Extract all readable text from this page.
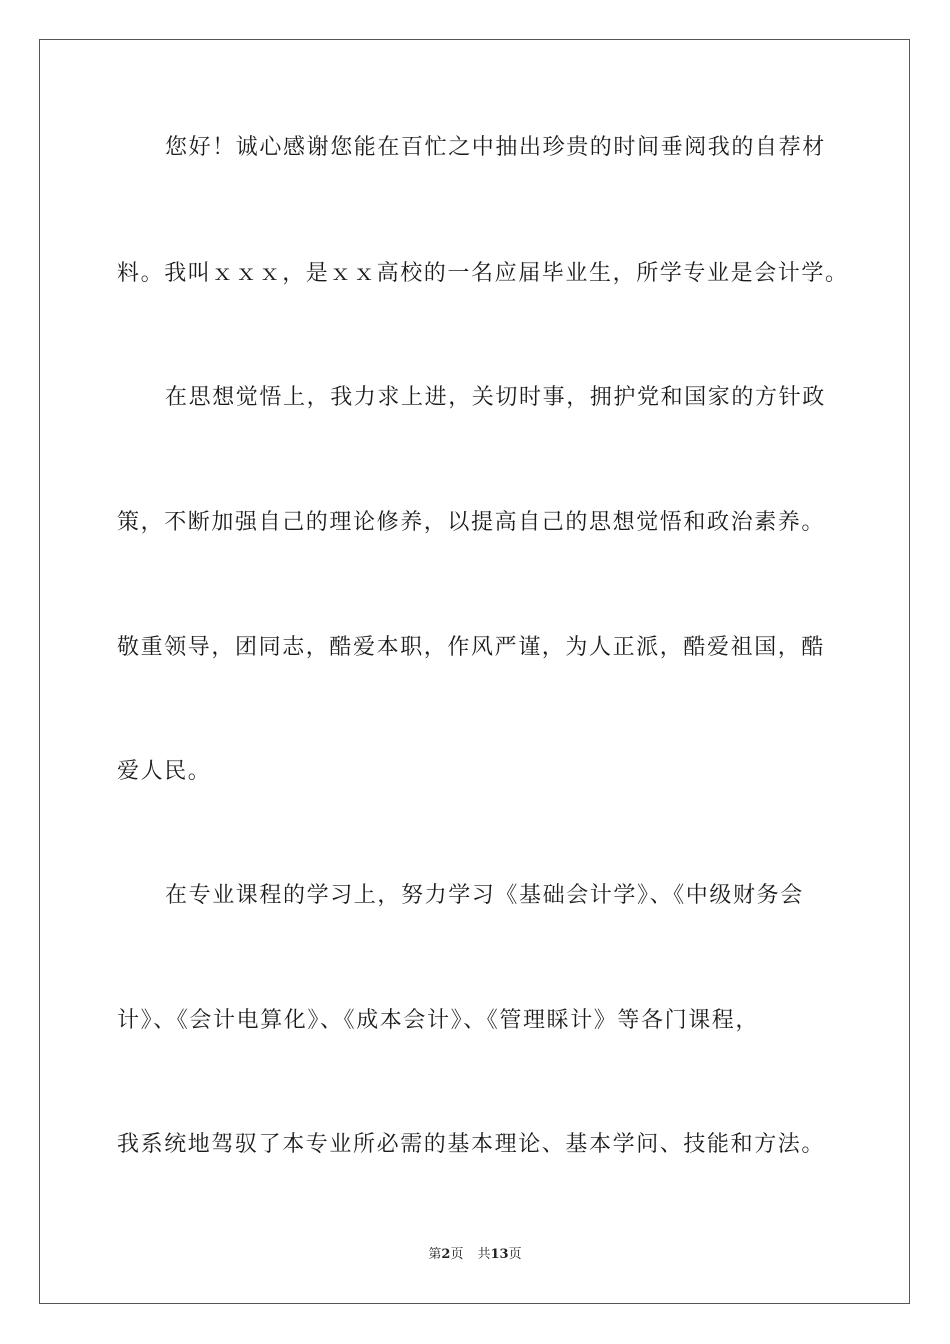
您好！诚心感谢您能在百忙之中抽出珍贵的时间垂阅我的自荐材
料。我叫ｘｘｘ，是ｘｘ高校的一名应届毕业生，所学专业是会计学。
在思想觉悟上，我力求上进，关切时事，拥护党和国家的方针政
策，不断加强自己的理论修养，以提高自己的思想觉悟和政治素养。
敬重领导，团同志，酷爱本职，作风严谨，为人正派，酷爱祖国，酷
爱人民。
在专业课程的学习上，努力学习《基础会计学》、《中级财务会
计》、《会计电算化》、《成本会计》、《管理睬计》等各门课程，
我系统地驾驭了本专业所必需的基本理论、基本学问、技能和方法。
第2页 共13页
